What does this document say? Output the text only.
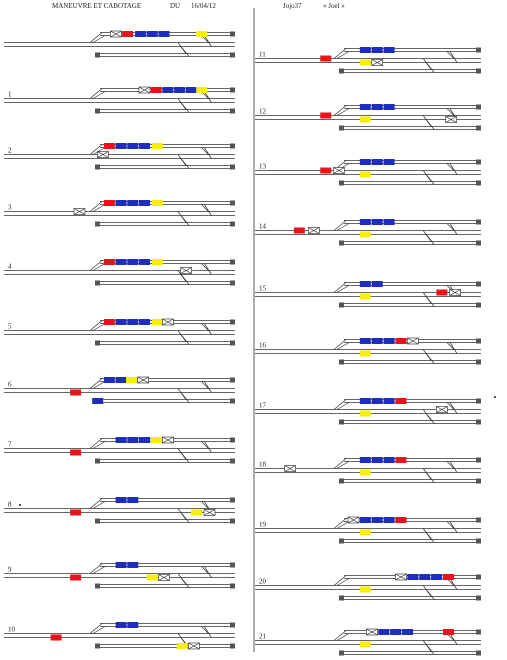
MANEUVRE ET CABOTAGE	DU 16/04/12	Jojo37	« Joel »
1
2
3
4
5
6
7
8
9
10
11
12
13
14
15
16
17
18
19
20
21
